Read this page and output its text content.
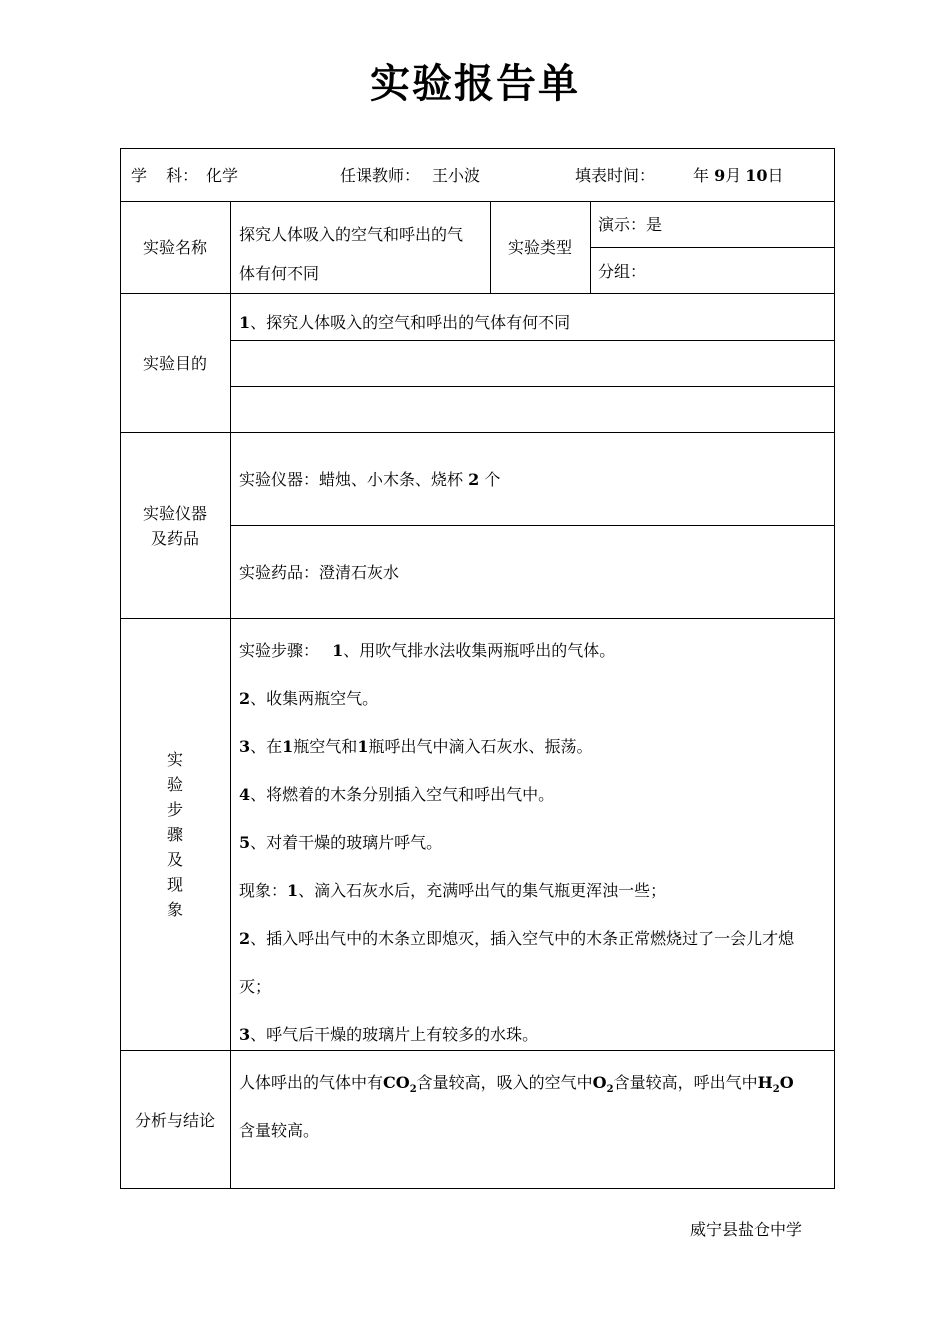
实验报告单
学 科： 化学	任课教师： 王小波	填表时间： 年 9月 10日
实验名称
探究人体吸入的空气和呼出的气
体有何不同
实验类型
演示：是
分组：
实验目的
1、探究人体吸入的空气和呼出的气体有何不同
实验仪器
及药品
实验仪器：蜡烛、小木条、烧杯 2 个
实验药品：澄清石灰水
实
验
步
骤
及
现
象
实验步骤： 1、用吹气排水法收集两瓶呼出的气体。
2、收集两瓶空气。
3、在1瓶空气和1瓶呼出气中滴入石灰水、振荡。
4、将燃着的木条分别插入空气和呼出气中。
5、对着干燥的玻璃片呼气。
现象：1、滴入石灰水后，充满呼出气的集气瓶更浑浊一些；
2、插入呼出气中的木条立即熄灭，插入空气中的木条正常燃烧过了一会儿才熄
灭；
3、呼气后干燥的玻璃片上有较多的水珠。
分析与结论
人体呼出的气体中有$CO_2$含量较高，吸入的空气中$O_2$含量较高，呼出气中$H_2O$
含量较高。
威宁县盐仓中学
